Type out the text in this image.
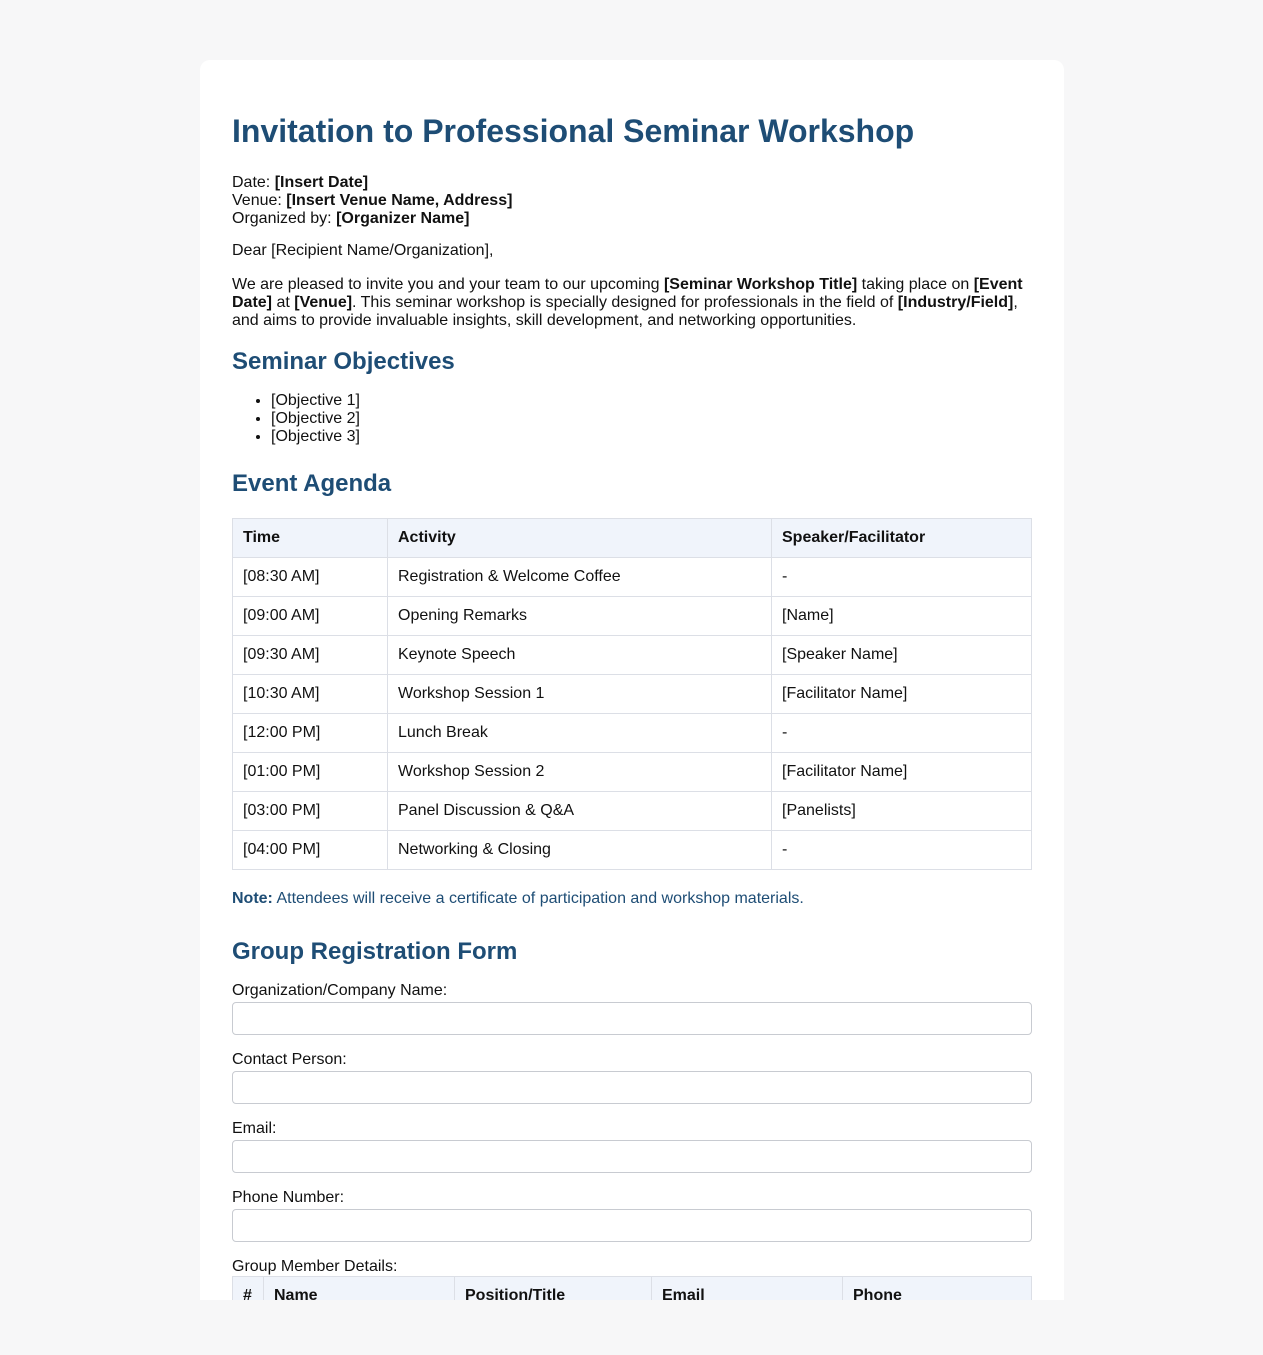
Invitation to Professional Seminar Workshop
Date: [Insert Date]
Venue: [Insert Venue Name, Address]
Organized by: [Organizer Name]

Dear [Recipient Name/Organization],

We are pleased to invite you and your team to our upcoming [Seminar Workshop Title] taking place on [Event Date] at [Venue]. This seminar workshop is specially designed for professionals in the field of [Industry/Field], and aims to provide invaluable insights, skill development, and networking opportunities.

Seminar Objectives
• [Objective 1]
• [Objective 2]
• [Objective 3]
Event Agenda
Time	Activity	Speaker/Facilitator
[08:30 AM]	Registration & Welcome Coffee	-
[09:00 AM]	Opening Remarks	[Name]
[09:30 AM]	Keynote Speech	[Speaker Name]
[10:30 AM]	Workshop Session 1	[Facilitator Name]
[12:00 PM]	Lunch Break	-
[01:00 PM]	Workshop Session 2	[Facilitator Name]
[03:00 PM]	Panel Discussion & Q&A	[Panelists]
[04:00 PM]	Networking & Closing	-
Note: Attendees will receive a certificate of participation and workshop materials.
Group Registration Form
Organization/Company Name:
Contact Person:
Email:
Phone Number:
Group Member Details:
#	Name	Position/Title	Email	Phone
